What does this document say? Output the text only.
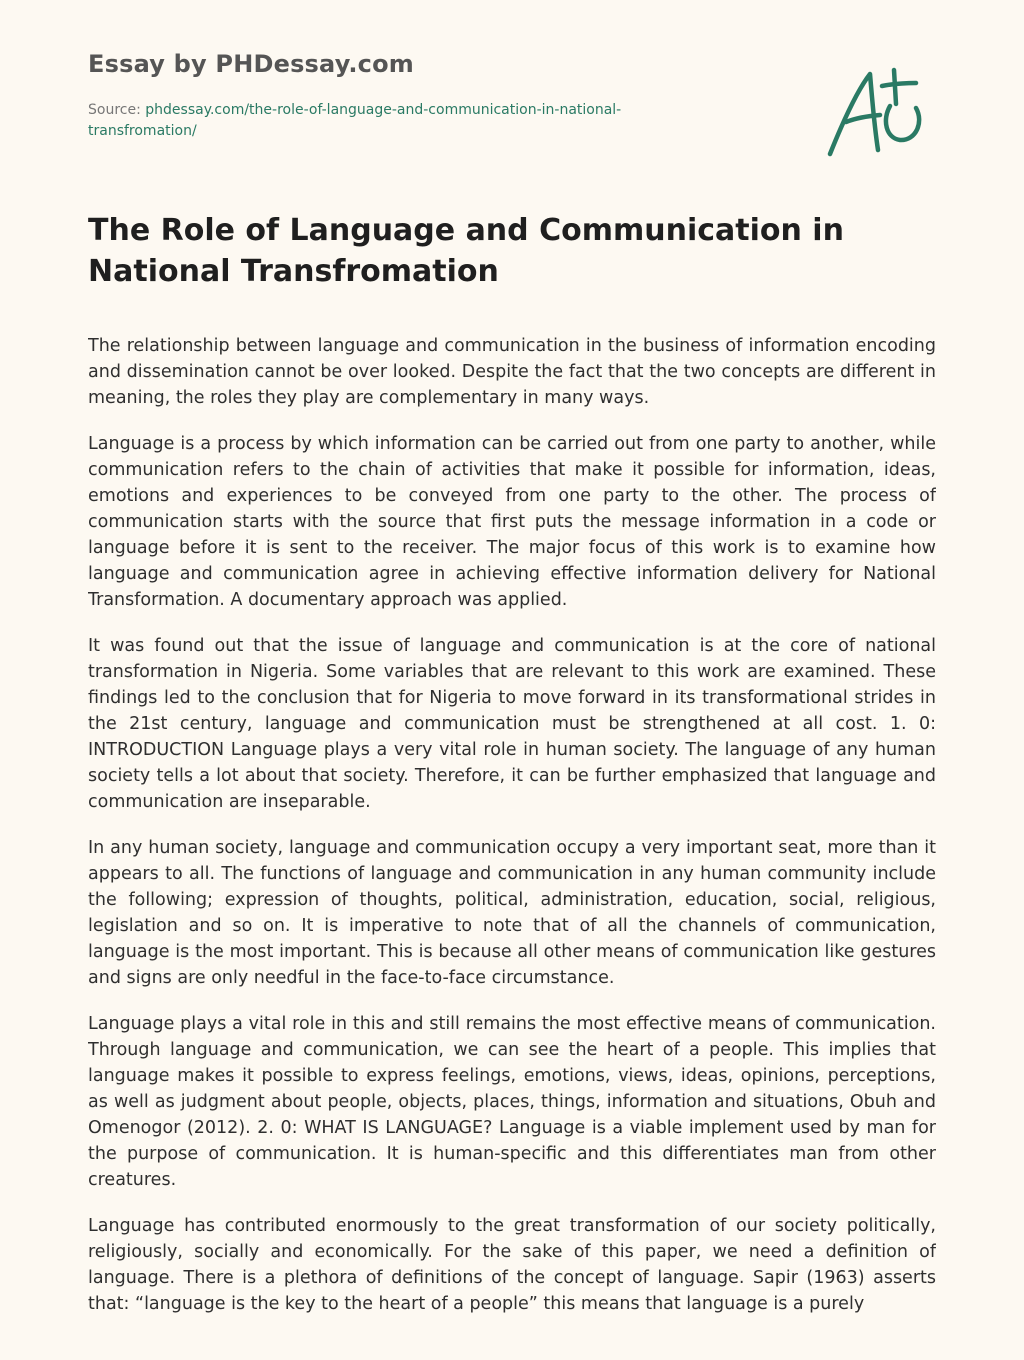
Essay by PHDessay.com
Source: phdessay.com/the-role-of-language-and-communication-in-national-transfromation/
The Role of Language and Communication in National Transfromation

The relationship between language and communication in the business of information encoding and dissemination cannot be over looked. Despite the fact that the two concepts are different in meaning, the roles they play are complementary in many ways.

Language is a process by which information can be carried out from one party to another, while communication refers to the chain of activities that make it possible for information, ideas, emotions and experiences to be conveyed from one party to the other. The process of communication starts with the source that first puts the message information in a code or language before it is sent to the receiver. The major focus of this work is to examine how language and communication agree in achieving effective information delivery for National Transformation. A documentary approach was applied.

It was found out that the issue of language and communication is at the core of national transformation in Nigeria. Some variables that are relevant to this work are examined. These findings led to the conclusion that for Nigeria to move forward in its transformational strides in the 21st century, language and communication must be strengthened at all cost. 1. 0: INTRODUCTION Language plays a very vital role in human society. The language of any human society tells a lot about that society. Therefore, it can be further emphasized that language and communication are inseparable.

In any human society, language and communication occupy a very important seat, more than it appears to all. The functions of language and communication in any human community include the following; expression of thoughts, political, administration, education, social, religious, legislation and so on. It is imperative to note that of all the channels of communication, language is the most important. This is because all other means of communication like gestures and signs are only needful in the face-to-face circumstance.

Language plays a vital role in this and still remains the most effective means of communication. Through language and communication, we can see the heart of a people. This implies that language makes it possible to express feelings, emotions, views, ideas, opinions, perceptions, as well as judgment about people, objects, places, things, information and situations, Obuh and Omenogor (2012). 2. 0: WHAT IS LANGUAGE? Language is a viable implement used by man for the purpose of communication. It is human-specific and this differentiates man from other creatures.

Language has contributed enormously to the great transformation of our society politically, religiously, socially and economically. For the sake of this paper, we need a definition of language. There is a plethora of definitions of the concept of language. Sapir (1963) asserts that: “language is the key to the heart of a people” this means that language is a purely
